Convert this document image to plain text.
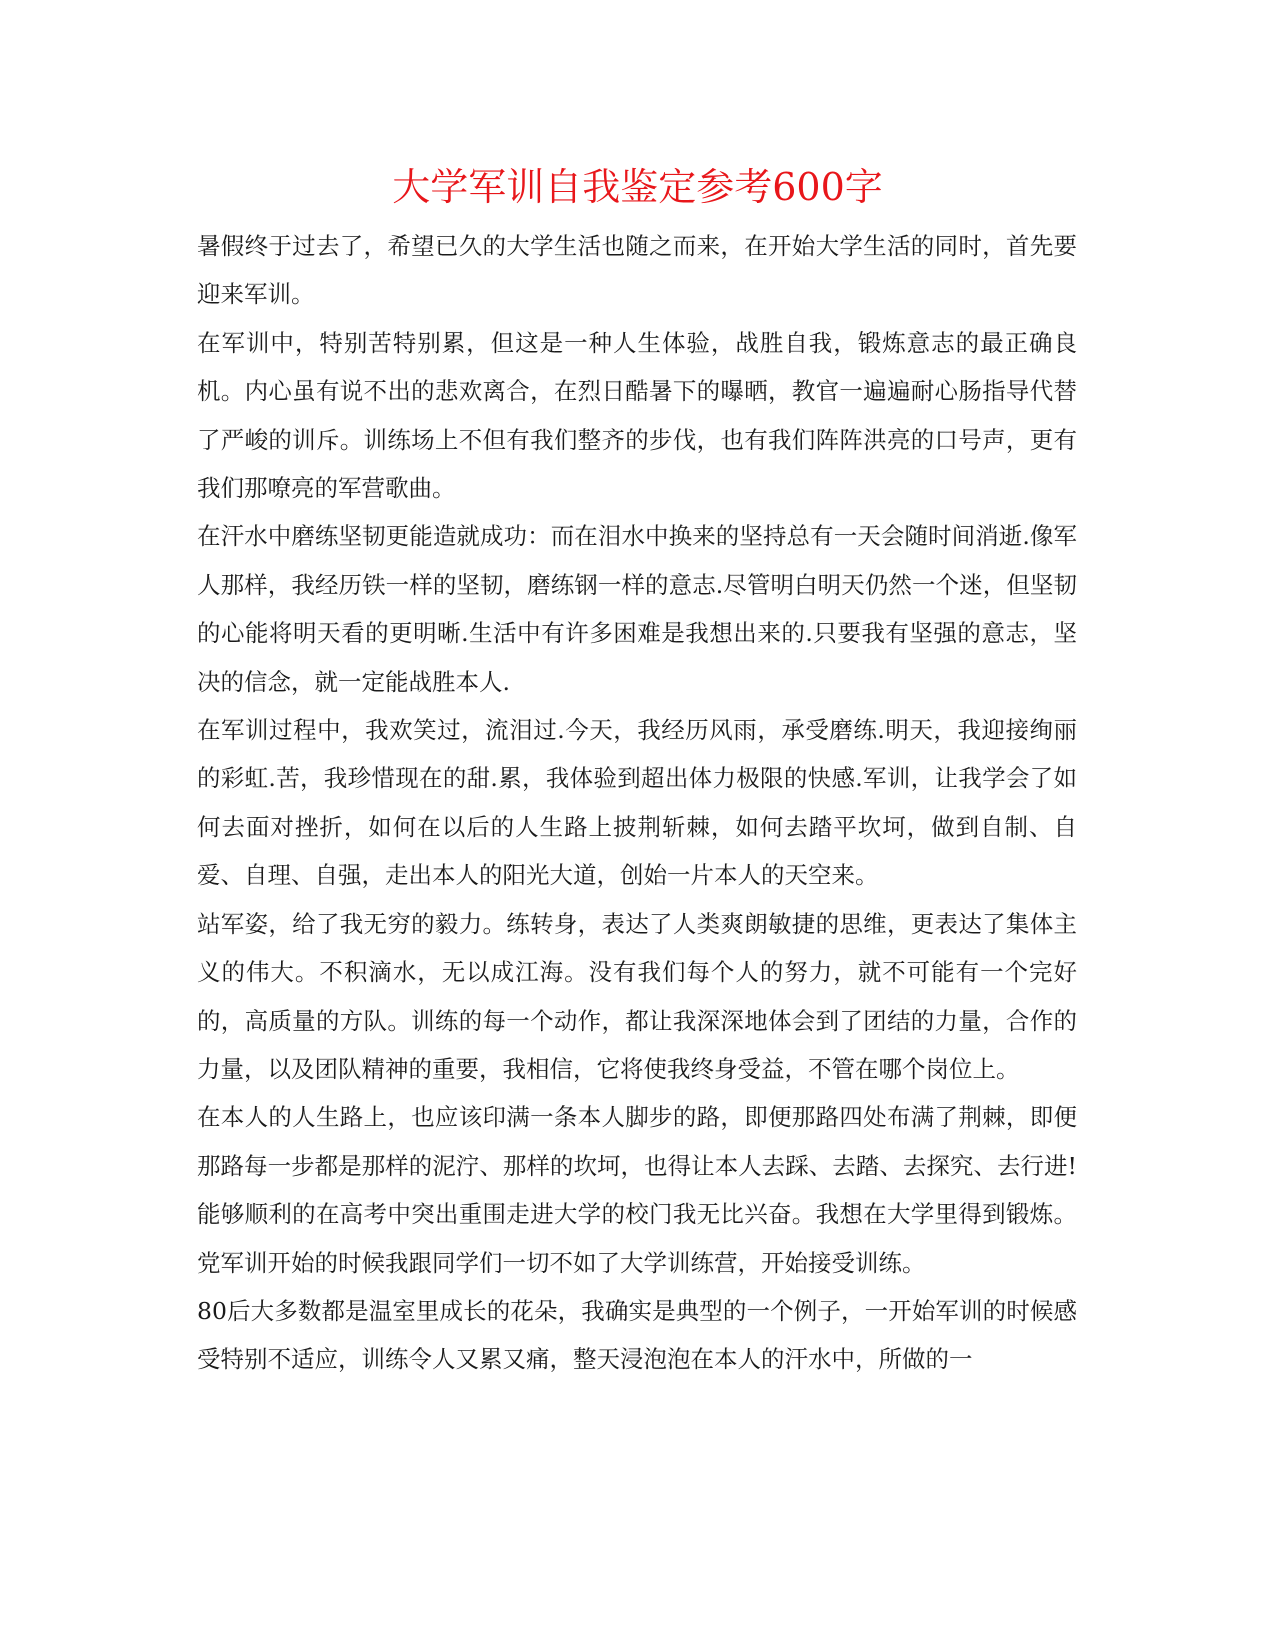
大学军训自我鉴定参考600字

暑假终于过去了，希望已久的大学生活也随之而来，在开始大学生活的同时，首先要迎来军训。

在军训中，特别苦特别累，但这是一种人生体验，战胜自我，锻炼意志的最正确良机。内心虽有说不出的悲欢离合，在烈日酷暑下的曝晒，教官一遍遍耐心肠指导代替了严峻的训斥。训练场上不但有我们整齐的步伐，也有我们阵阵洪亮的口号声，更有我们那嘹亮的军营歌曲。

在汗水中磨练坚韧更能造就成功：而在泪水中换来的坚持总有一天会随时间消逝.像军人那样，我经历铁一样的坚韧，磨练钢一样的意志.尽管明白明天仍然一个迷，但坚韧的心能将明天看的更明晰.生活中有许多困难是我想出来的.只要我有坚强的意志，坚决的信念，就一定能战胜本人.

在军训过程中，我欢笑过，流泪过.今天，我经历风雨，承受磨练.明天，我迎接绚丽的彩虹.苦，我珍惜现在的甜.累，我体验到超出体力极限的快感.军训，让我学会了如何去面对挫折，如何在以后的人生路上披荆斩棘，如何去踏平坎坷，做到自制、自爱、自理、自强，走出本人的阳光大道，创始一片本人的天空来。

站军姿，给了我无穷的毅力。练转身，表达了人类爽朗敏捷的思维，更表达了集体主义的伟大。不积滴水，无以成江海。没有我们每个人的努力，就不可能有一个完好的，高质量的方队。训练的每一个动作，都让我深深地体会到了团结的力量，合作的力量，以及团队精神的重要，我相信，它将使我终身受益，不管在哪个岗位上。

在本人的人生路上，也应该印满一条本人脚步的路，即便那路四处布满了荆棘，即便那路每一步都是那样的泥泞、那样的坎坷，也得让本人去踩、去踏、去探究、去行进!能够顺利的在高考中突出重围走进大学的校门我无比兴奋。我想在大学里得到锻炼。党军训开始的时候我跟同学们一切不如了大学训练营，开始接受训练。

80后大多数都是温室里成长的花朵，我确实是典型的一个例子，一开始军训的时候感受特别不适应，训练令人又累又痛，整天浸泡泡在本人的汗水中，所做的一
